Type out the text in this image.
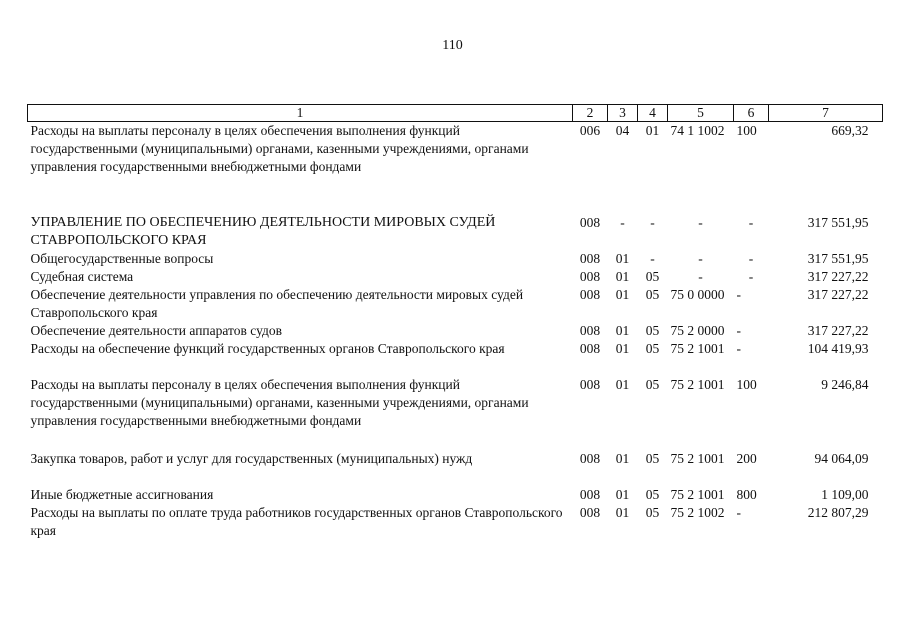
110
1	2	3	4	5	6	7
Расходы на выплаты персоналу в целях обеспечения выполнения функций государственными (муниципальными) органами, казенными учреждениями, органами управления государственными внебюджетными фондами	006	04	01	74 1 1002	100	669,32

УПРАВЛЕНИЕ ПО ОБЕСПЕЧЕНИЮ ДЕЯТЕЛЬНОСТИ МИРОВЫХ СУДЕЙ СТАВРОПОЛЬСКОГО КРАЯ	008	-	-	-	-	317 551,95
Общегосударственные вопросы	008	01	-	-	-	317 551,95
Судебная система	008	01	05	-	-	317 227,22
Обеспечение деятельности управления по обеспечению деятельности мировых судей Ставропольского края	008	01	05	75 0 0000	-	317 227,22
Обеспечение деятельности аппаратов судов	008	01	05	75 2 0000	-	317 227,22
Расходы на обеспечение функций государственных органов Ставропольского края	008	01	05	75 2 1001	-	104 419,93

Расходы на выплаты персоналу в целях обеспечения выполнения функций государственными (муниципальными) органами, казенными учреждениями, органами управления государственными внебюджетными фондами	008	01	05	75 2 1001	100	9 246,84

Закупка товаров, работ и услуг для государственных (муниципальных) нужд	008	01	05	75 2 1001	200	94 064,09

Иные бюджетные ассигнования	008	01	05	75 2 1001	800	1 109,00
Расходы на выплаты по оплате труда работников государственных органов Ставропольского края	008	01	05	75 2 1002	-	212 807,29
